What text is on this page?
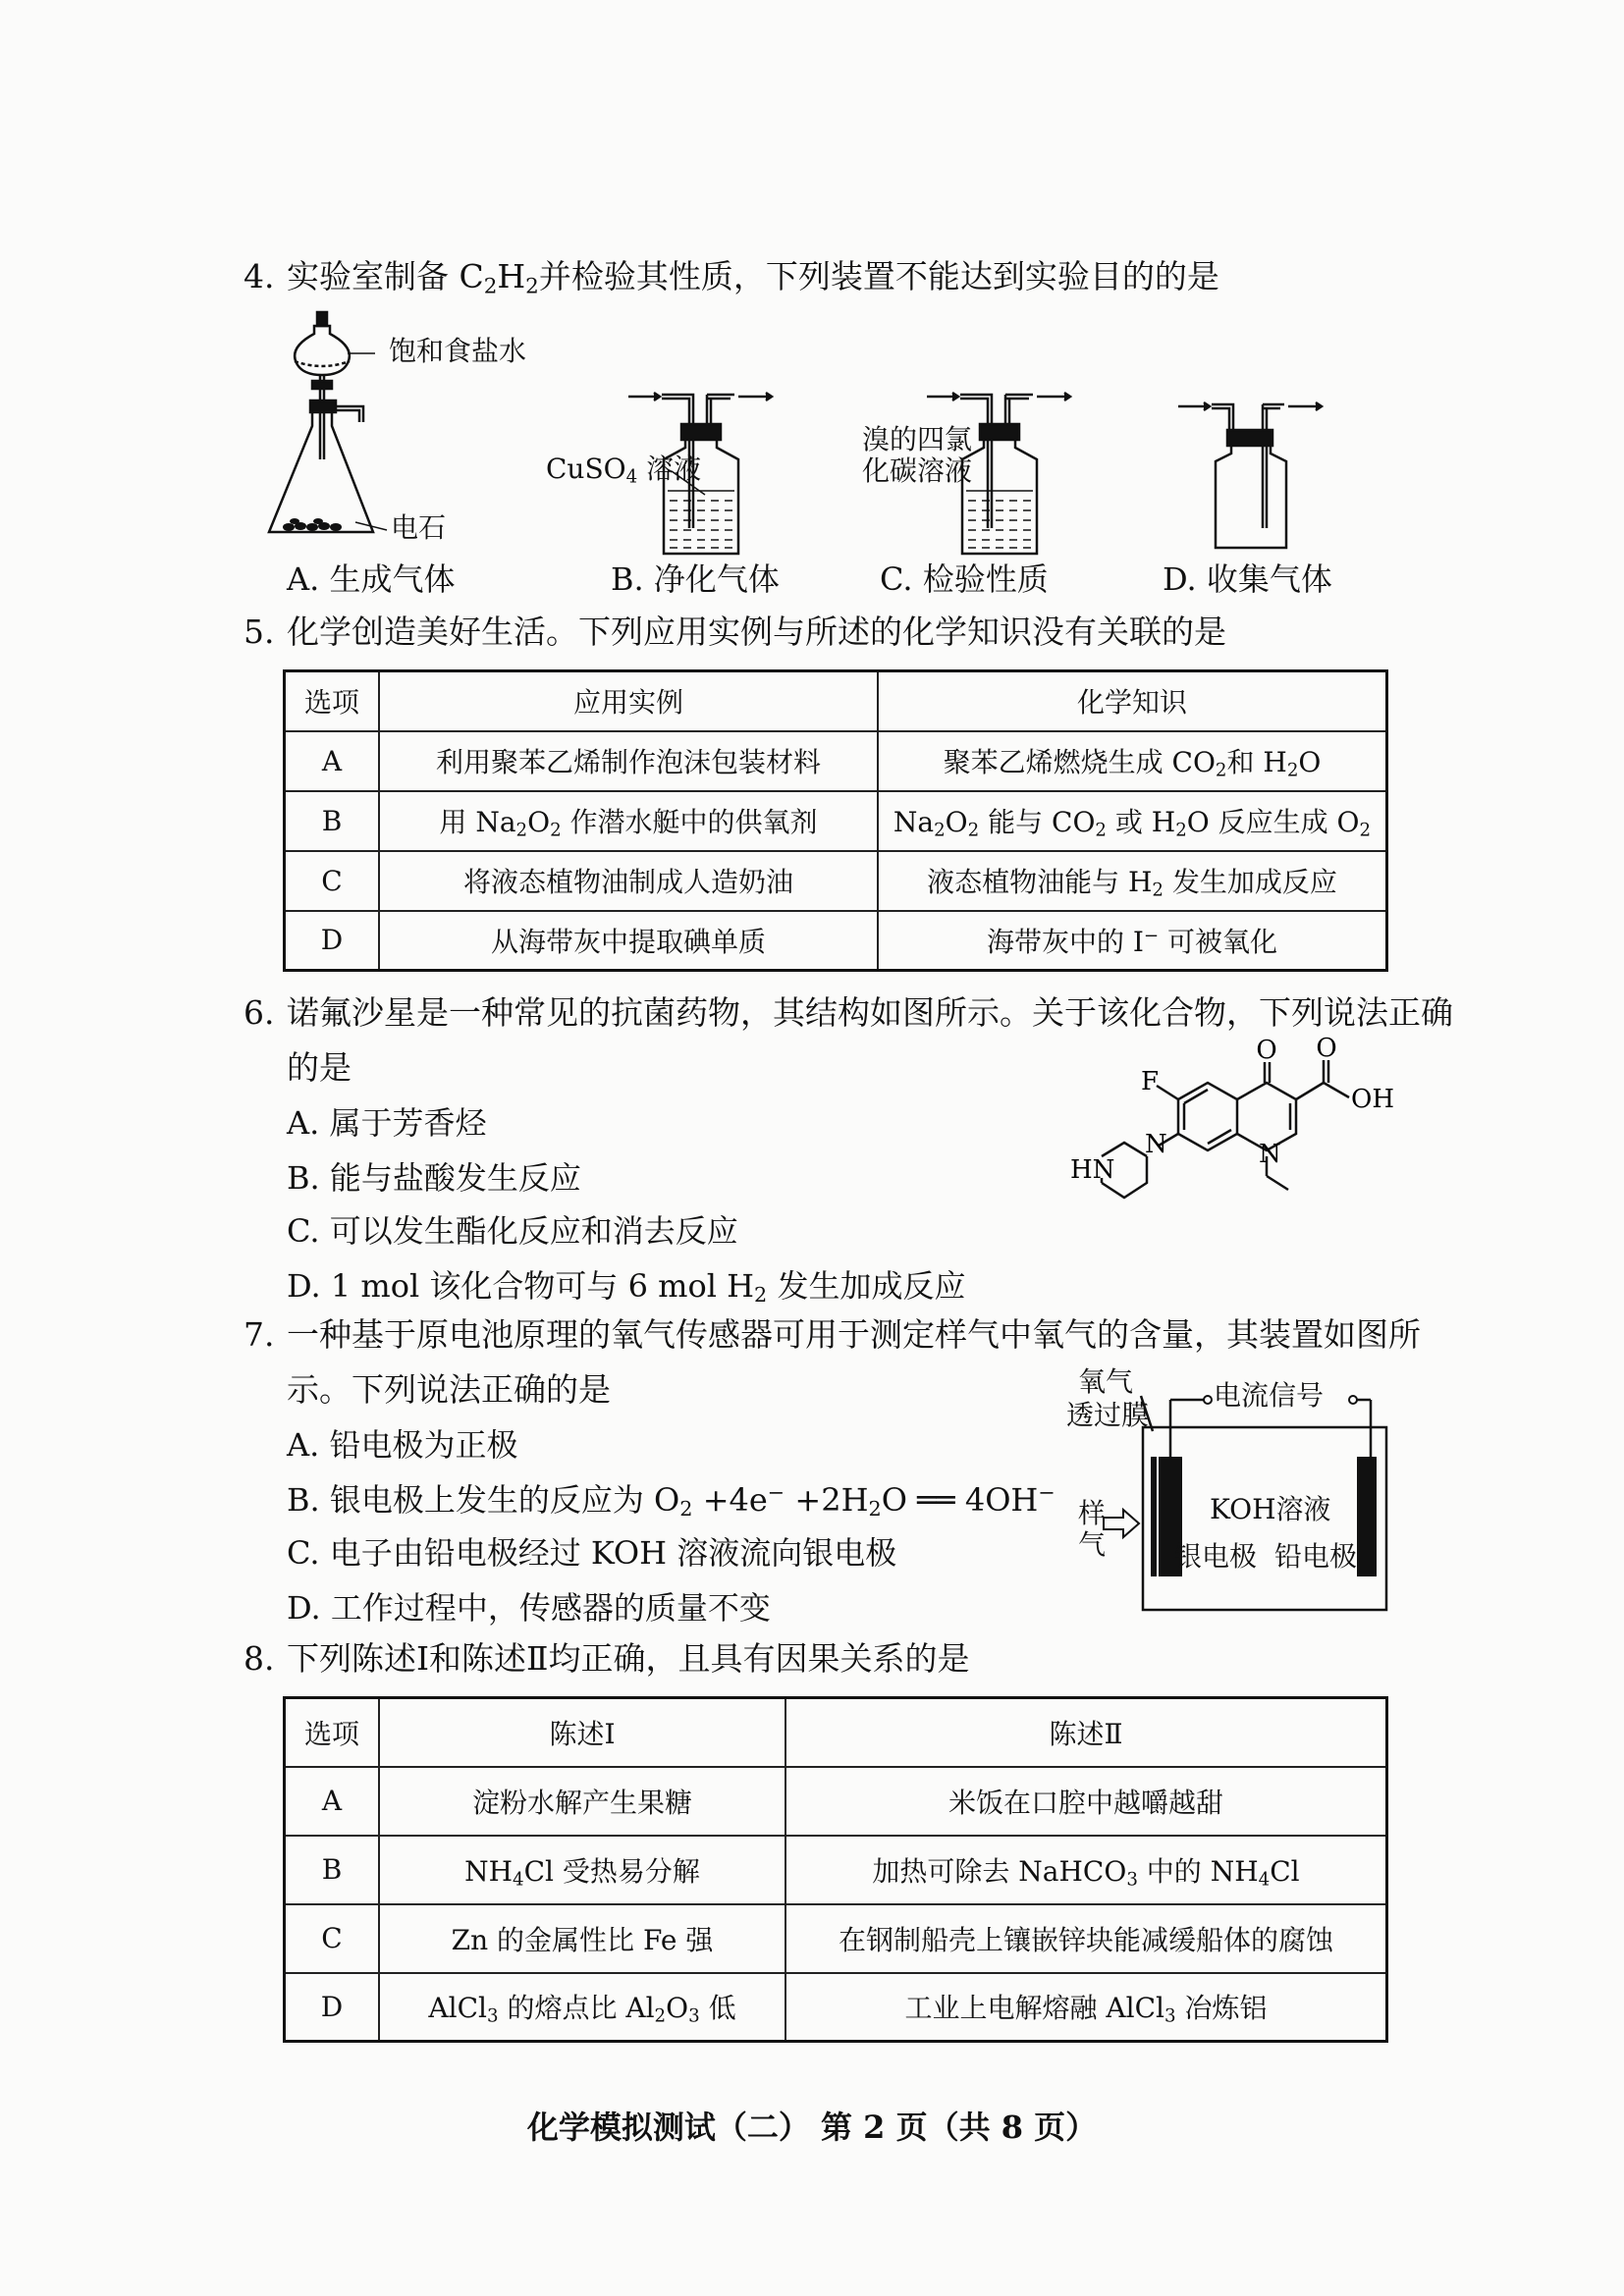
4. 实验室制备 $C_2H_2$并检验其性质，下列装置不能达到实验目的的是
饱和食盐水
电石
CuSO$_4$ 溶液
溴的四氯
化碳溶液
A. 生成气体	B. 净化气体	C. 检验性质	D. 收集气体
5. 化学创造美好生活。下列应用实例与所述的化学知识没有关联的是
选项	应用实例	化学知识
A	利用聚苯乙烯制作泡沫包装材料	聚苯乙烯燃烧生成 $CO_2$和 $H_2O$
B	用 $Na_2O_2$ 作潜水艇中的供氧剂	$Na_2O_2$ 能与 $CO_2$ 或 $H_2O$ 反应生成 $O_2$
C	将液态植物油制成人造奶油	液态植物油能与 $H_2$ 发生加成反应
D	从海带灰中提取碘单质	海带灰中的 I− 可被氧化
6. 诺氟沙星是一种常见的抗菌药物，其结构如图所示。关于该化合物，下列说法正确
的是
A. 属于芳香烃
B. 能与盐酸发生反应
C. 可以发生酯化反应和消去反应
D. 1 mol 该化合物可与 6 mol $H_2$ 发生加成反应
O O
OH
F
N
N
HN
7. 一种基于原电池原理的氧气传感器可用于测定样气中氧气的含量，其装置如图所
示。下列说法正确的是
A. 铅电极为正极
B. 银电极上发生的反应为 $O_2 +4e^- +2H_2O$ ══ 4OH−
C. 电子由铅电极经过 KOH 溶液流向银电极
D. 工作过程中，传感器的质量不变
氧气
透过膜
电流信号
KOH溶液
样
气 银电极 铅电极
8. 下列陈述Ⅰ和陈述Ⅱ均正确，且具有因果关系的是
选项	陈述Ⅰ	陈述Ⅱ
A	淀粉水解产生果糖	米饭在口腔中越嚼越甜
B	$NH_4Cl$ 受热易分解	加热可除去 NaHCO$_3$ 中的 $NH_4Cl$
C	Zn 的金属性比 Fe 强	在钢制船壳上镶嵌锌块能减缓船体的腐蚀
D	AlCl$_3$ 的熔点比 $Al_2O_3$ 低	工业上电解熔融 AlCl$_3$ 冶炼铝
化学模拟测试（二） 第 2 页（共 8 页）
